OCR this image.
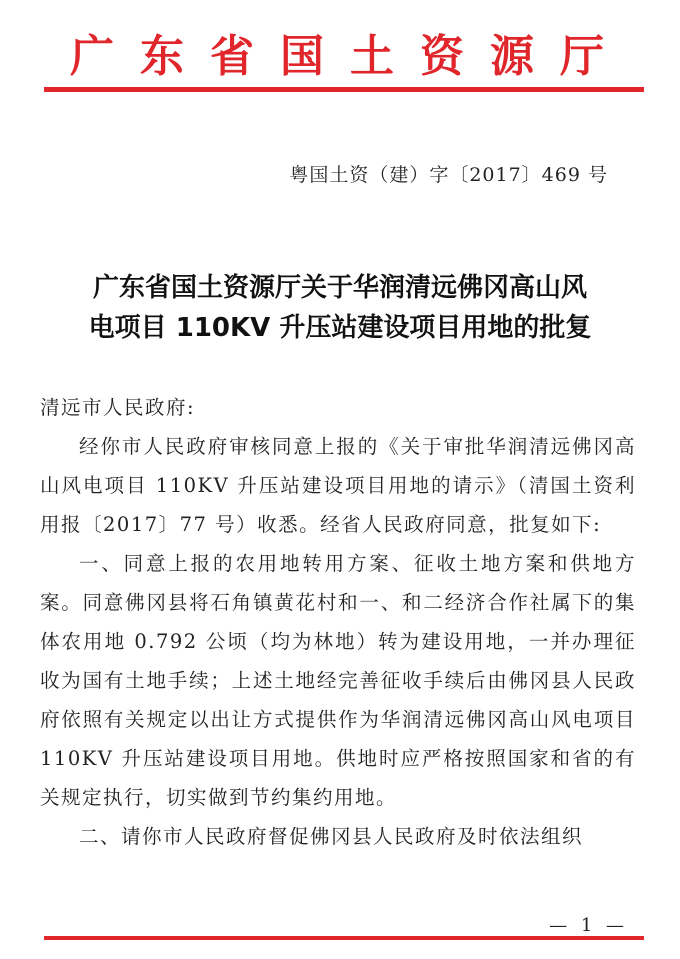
广东省国土资源厅
粤国土资（建）字〔2017〕469 号
广东省国土资源厅关于华润清远佛冈高山风
电项目 110KV 升压站建设项目用地的批复

清远市人民政府:

经你市人民政府审核同意上报的《关于审批华润清远佛冈高山风电项目 110KV 升压站建设项目用地的请示》（清国土资利用报〔2017〕77 号）收悉。经省人民政府同意，批复如下:

一、同意上报的农用地转用方案、征收土地方案和供地方案。同意佛冈县将石角镇黄花村和一、和二经济合作社属下的集体农用地 0.792 公顷（均为林地）转为建设用地，一并办理征收为国有土地手续；上述土地经完善征收手续后由佛冈县人民政府依照有关规定以出让方式提供作为华润清远佛冈高山风电项目 110KV 升压站建设项目用地。供地时应严格按照国家和省的有关规定执行，切实做到节约集约用地。

二、请你市人民政府督促佛冈县人民政府及时依法组织

— 1 —
